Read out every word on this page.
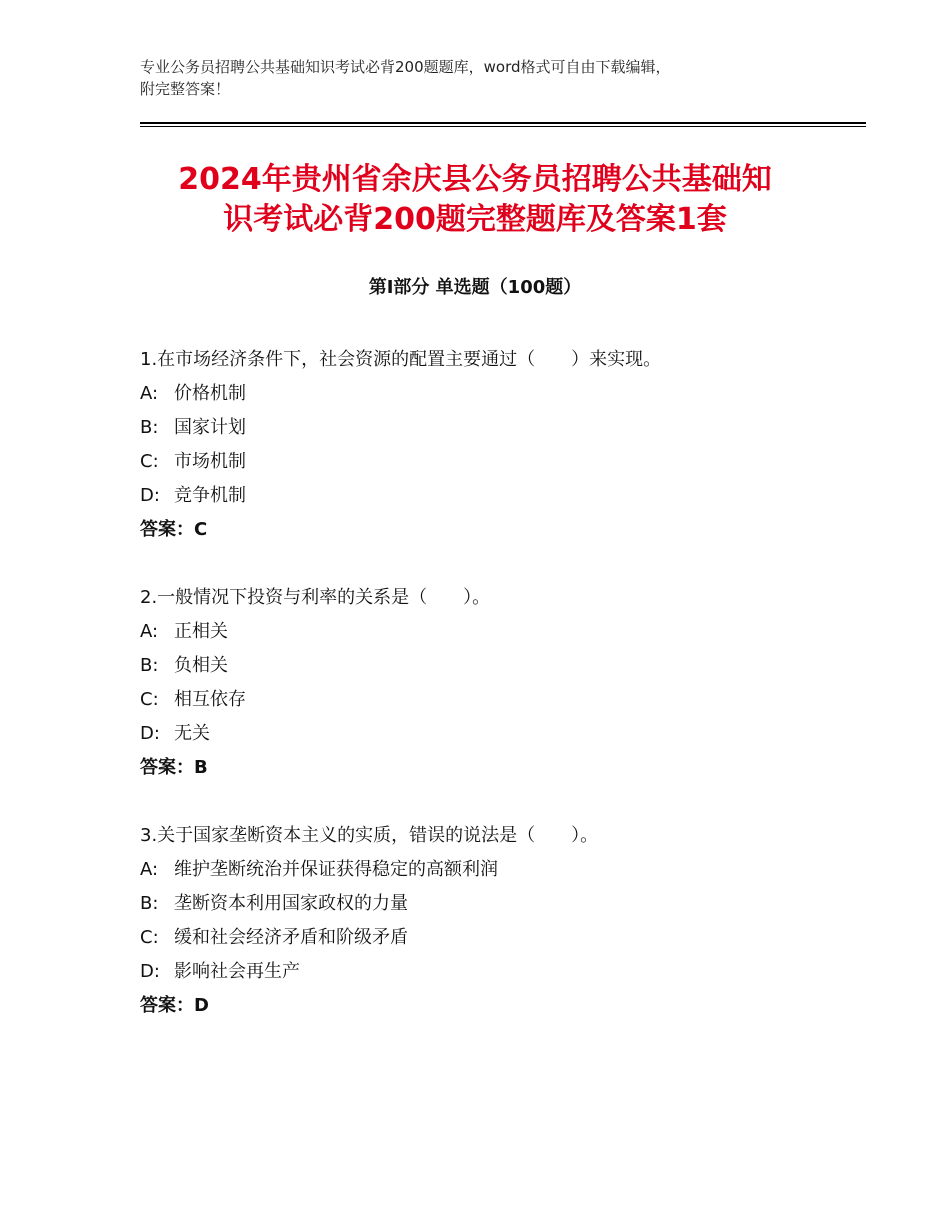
专业公务员招聘公共基础知识考试必背200题题库，word格式可自由下载编辑，
附完整答案！
2024年贵州省余庆县公务员招聘公共基础知
识考试必背200题完整题库及答案1套
第Ⅰ部分 单选题（100题）
1.在市场经济条件下，社会资源的配置主要通过（　　）来实现。
A: 价格机制
B: 国家计划
C: 市场机制
D: 竞争机制
答案：C
2.一般情况下投资与利率的关系是（　　）。
A: 正相关
B: 负相关
C: 相互依存
D: 无关
答案：B
3.关于国家垄断资本主义的实质，错误的说法是（　　）。
A: 维护垄断统治并保证获得稳定的高额利润
B: 垄断资本利用国家政权的力量
C: 缓和社会经济矛盾和阶级矛盾
D: 影响社会再生产
答案：D
